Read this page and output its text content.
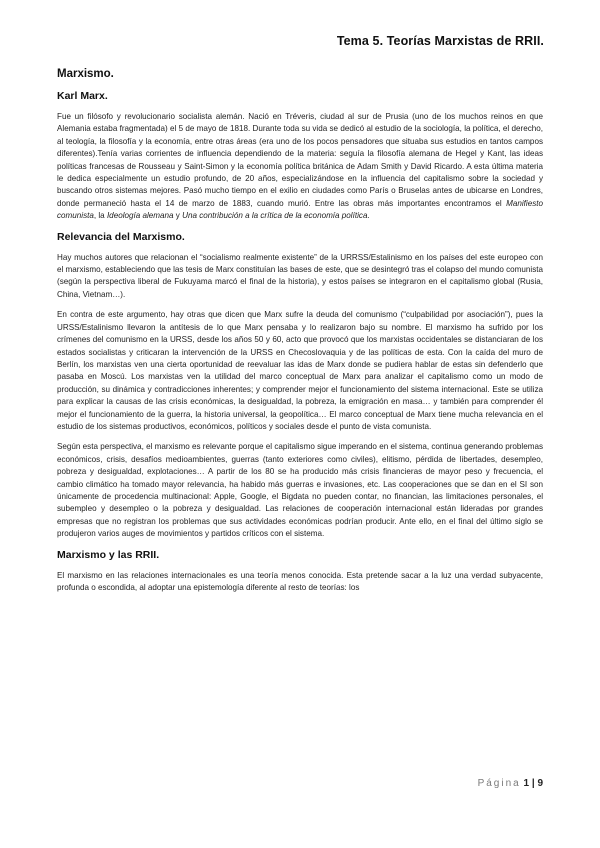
Tema 5. Teorías Marxistas de RRII.
Marxismo.
Karl Marx.

Fue un filósofo y revolucionario socialista alemán. Nació en Tréveris, ciudad al sur de Prusia (uno de los muchos reinos en que Alemania estaba fragmentada) el 5 de mayo de 1818. Durante toda su vida se dedicó al estudio de la sociología, la política, el derecho, al teología, la filosofía y la economía, entre otras áreas (era uno de los pocos pensadores que situaba sus estudios en tantos campos diferentes).Tenía varias corrientes de influencia dependiendo de la materia: seguía la filosofía alemana de Hegel y Kant, las ideas políticas francesas de Rousseau y Saint-Simon y la economía política británica de Adam Smith y David Ricardo. A esta última materia le dedica especialmente un estudio profundo, de 20 años, especializándose en la influencia del capitalismo sobre la sociedad y buscando otros sistemas mejores. Pasó mucho tiempo en el exilio en ciudades como París o Bruselas antes de ubicarse en Londres, donde permaneció hasta el 14 de marzo de 1883, cuando murió. Entre las obras más importantes encontramos el Manifiesto comunista, la Ideología alemana y Una contribución a la crítica de la economía política.

Relevancia del Marxismo.

Hay muchos autores que relacionan el “socialismo realmente existente” de la URRSS/Estalinismo en los países del este europeo con el marxismo, estableciendo que las tesis de Marx constituían las bases de este, que se desintegró tras el colapso del mundo comunista (según la perspectiva liberal de Fukuyama marcó el final de la historia), y estos países se integraron en el capitalismo global (Rusia, China, Vietnam…).

En contra de este argumento, hay otras que dicen que Marx sufre la deuda del comunismo (“culpabilidad por asociación”), pues la URSS/Estalinismo llevaron la antítesis de lo que Marx pensaba y lo realizaron bajo su nombre. El marxismo ha sufrido por los crímenes del comunismo en la URSS, desde los años 50 y 60, acto que provocó que los marxistas occidentales se distanciaran de los estados socialistas y criticaran la intervención de la URSS en Checoslovaquia y de las políticas de esta. Con la caída del muro de Berlín, los marxistas ven una cierta oportunidad de reevaluar las idas de Marx donde se pudiera hablar de estas sin defenderlo que pasaba en Moscú. Los marxistas ven la utilidad del marco conceptual de Marx para analizar el capitalismo como un modo de producción, su dinámica y contradicciones inherentes; y comprender mejor el funcionamiento del sistema internacional. Este se utiliza para explicar la causas de las crisis económicas, la desigualdad, la pobreza, la emigración en masa… y también para comprender él mejor el funcionamiento de la guerra, la historia universal, la geopolítica… El marco conceptual de Marx tiene mucha relevancia en el estudio de los sistemas productivos, económicos, políticos y sociales desde el punto de vista comunista.

Según esta perspectiva, el marxismo es relevante porque el capitalismo sigue imperando en el sistema, continua generando problemas económicos, crisis, desafíos medioambientes, guerras (tanto exteriores como civiles), elitismo, pérdida de libertades, desempleo, pobreza y desigualdad, explotaciones… A partir de los 80 se ha producido más crisis financieras de mayor peso y frecuencia, el cambio climático ha tomado mayor relevancia, ha habido más guerras e invasiones, etc. Las cooperaciones que se dan en el SI son únicamente de procedencia multinacional: Apple, Google, el Bigdata no pueden contar, no financian, las limitaciones personales, el subempleo y desempleo o la pobreza y desigualdad. Las relaciones de cooperación internacional están lideradas por grandes empresas que no registran los problemas que sus actividades económicas podrían producir. Ante ello, en el final del último siglo se produjeron varios auges de movimientos y partidos críticos con el sistema.

Marxismo y las RRII.

El marxismo en las relaciones internacionales es una teoría menos conocida. Esta pretende sacar a la luz una verdad subyacente, profunda o escondida, al adoptar una epistemología diferente al resto de teorías: los

Página 1 | 9
